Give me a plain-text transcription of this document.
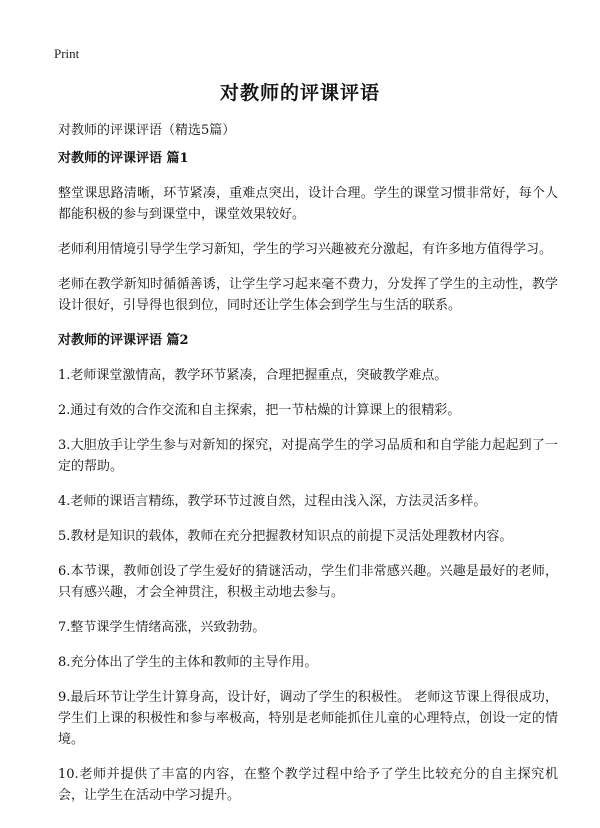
Print
对教师的评课评语
对教师的评课评语（精选5篇）
对教师的评课评语 篇1

整堂课思路清晰，环节紧凑，重难点突出，设计合理。学生的课堂习惯非常好，每个人都能积极的参与到课堂中，课堂效果较好。

老师利用情境引导学生学习新知，学生的学习兴趣被充分激起，有许多地方值得学习。

老师在教学新知时循循善诱，让学生学习起来毫不费力，分发挥了学生的主动性，教学设计很好，引导得也很到位，同时还让学生体会到学生与生活的联系。

对教师的评课评语 篇2

1.老师课堂激情高，教学环节紧凑，合理把握重点，突破教学难点。

2.通过有效的合作交流和自主探索，把一节枯燥的计算课上的很精彩。

3.大胆放手让学生参与对新知的探究，对提高学生的学习品质和和自学能力起起到了一定的帮助。

4.老师的课语言精练，教学环节过渡自然，过程由浅入深，方法灵活多样。

5.教材是知识的载体，教师在充分把握教材知识点的前提下灵活处理教材内容。

6.本节课，教师创设了学生爱好的猜谜活动，学生们非常感兴趣。兴趣是最好的老师，只有感兴趣，才会全神贯注，积极主动地去参与。

7.整节课学生情绪高涨，兴致勃勃。

8.充分体出了学生的主体和教师的主导作用。

9.最后环节让学生计算身高，设计好，调动了学生的积极性。 老师这节课上得很成功，学生们上课的积极性和参与率极高，特别是老师能抓住儿童的心理特点，创设一定的情境。

10.老师并提供了丰富的内容，在整个教学过程中给予了学生比较充分的自主探究机会，让学生在活动中学习提升。
